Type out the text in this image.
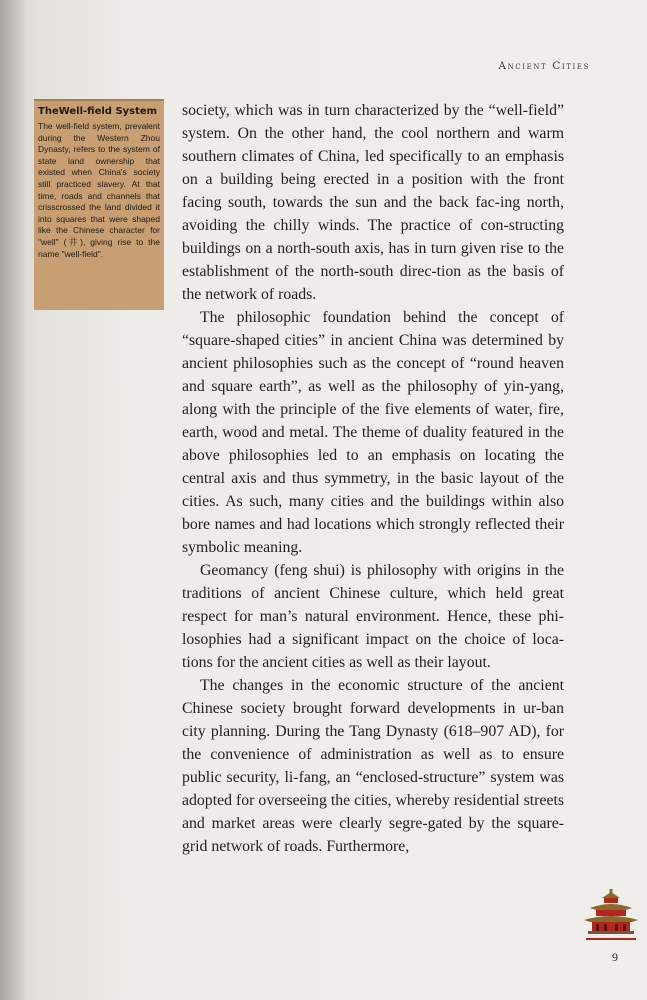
Ancient Cities
TheWell-field System
The well-field system, prevalent during the Western Zhou Dynasty, refers to the system of state land ownership that existed when China's society still practiced slavery. At that time, roads and channels that crisscrossed the land divided it into squares that were shaped like the Chinese character for "well" (井), giving rise to the name "well-field".

society, which was in turn characterized by the “well-field” system. On the other hand, the cool northern and warm southern climates of China, led specifically to an emphasis on a building being erected in a position with the front facing south, towards the sun and the back fac-ing north, avoiding the chilly winds. The practice of con-structing buildings on a north-south axis, has in turn given rise to the establishment of the north-south direc-tion as the basis of the network of roads.

The philosophic foundation behind the concept of “square-shaped cities” in ancient China was determined by ancient philosophies such as the concept of “round heaven and square earth”, as well as the philosophy of yin-yang, along with the principle of the five elements of water, fire, earth, wood and metal. The theme of duality featured in the above philosophies led to an emphasis on locating the central axis and thus symmetry, in the basic layout of the cities. As such, many cities and the buildings within also bore names and had locations which strongly reflected their symbolic meaning.

Geomancy (feng shui) is philosophy with origins in the traditions of ancient Chinese culture, which held great respect for man’s natural environment. Hence, these phi-losophies had a significant impact on the choice of loca-tions for the ancient cities as well as their layout.

The changes in the economic structure of the ancient Chinese society brought forward developments in ur-ban city planning. During the Tang Dynasty (618–907 AD), for the convenience of administration as well as to ensure public security, li-fang, an “enclosed-structure” system was adopted for overseeing the cities, whereby residential streets and market areas were clearly segre-gated by the square-grid network of roads. Furthermore,

9
